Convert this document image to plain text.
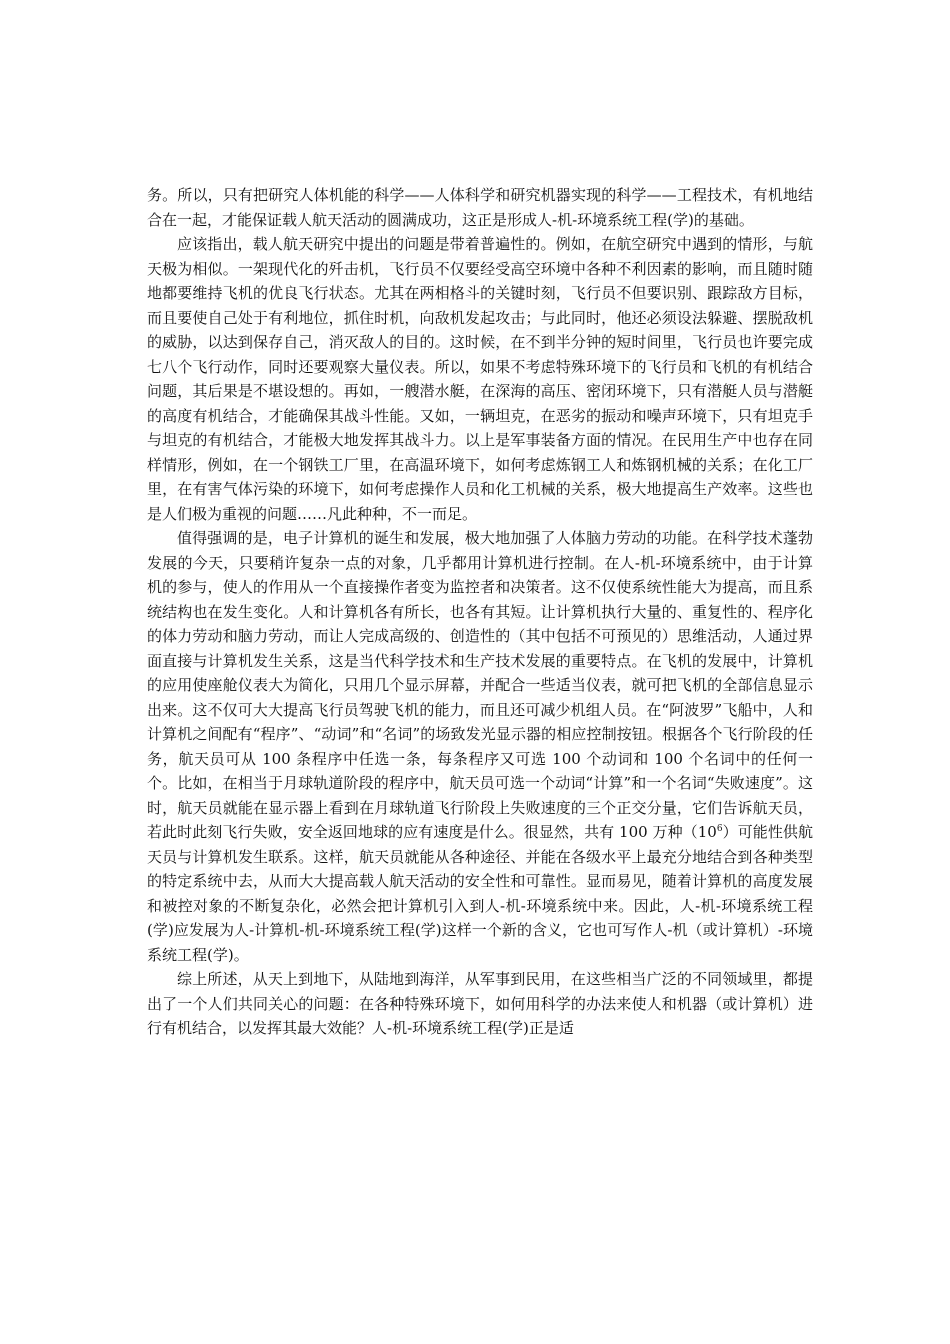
务。所以，只有把研究人体机能的科学——人体科学和研究机器实现的科学——工程技术，有机地结合在一起，才能保证载人航天活动的圆满成功，这正是形成人-机-环境系统工程(学)的基础。

应该指出，载人航天研究中提出的问题是带着普遍性的。例如，在航空研究中遇到的情形，与航天极为相似。一架现代化的歼击机，飞行员不仅要经受高空环境中各种不利因素的影响，而且随时随地都要维持飞机的优良飞行状态。尤其在两相格斗的关键时刻，飞行员不但要识别、跟踪敌方目标，而且要使自己处于有利地位，抓住时机，向敌机发起攻击；与此同时，他还必须设法躲避、摆脱敌机的威胁，以达到保存自己，消灭敌人的目的。这时候，在不到半分钟的短时间里，飞行员也许要完成七八个飞行动作，同时还要观察大量仪表。所以，如果不考虑特殊环境下的飞行员和飞机的有机结合问题，其后果是不堪设想的。再如，一艘潜水艇，在深海的高压、密闭环境下，只有潜艇人员与潜艇的高度有机结合，才能确保其战斗性能。又如，一辆坦克，在恶劣的振动和噪声环境下，只有坦克手与坦克的有机结合，才能极大地发挥其战斗力。以上是军事装备方面的情况。在民用生产中也存在同样情形，例如，在一个钢铁工厂里，在高温环境下，如何考虑炼钢工人和炼钢机械的关系；在化工厂里，在有害气体污染的环境下，如何考虑操作人员和化工机械的关系，极大地提高生产效率。这些也是人们极为重视的问题……凡此种种，不一而足。

值得强调的是，电子计算机的诞生和发展，极大地加强了人体脑力劳动的功能。在科学技术蓬勃发展的今天，只要稍许复杂一点的对象，几乎都用计算机进行控制。在人-机-环境系统中，由于计算机的参与，使人的作用从一个直接操作者变为监控者和决策者。这不仅使系统性能大为提高，而且系统结构也在发生变化。人和计算机各有所长，也各有其短。让计算机执行大量的、重复性的、程序化的体力劳动和脑力劳动，而让人完成高级的、创造性的（其中包括不可预见的）思维活动，人通过界面直接与计算机发生关系，这是当代科学技术和生产技术发展的重要特点。在飞机的发展中，计算机的应用使座舱仪表大为简化，只用几个显示屏幕，并配合一些适当仪表，就可把飞机的全部信息显示出来。这不仅可大大提高飞行员驾驶飞机的能力，而且还可减少机组人员。在“阿波罗”飞船中，人和计算机之间配有“程序”、“动词”和“名词”的场致发光显示器的相应控制按钮。根据各个飞行阶段的任务，航天员可从 100 条程序中任选一条，每条程序又可选 100 个动词和 100 个名词中的任何一个。比如，在相当于月球轨道阶段的程序中，航天员可选一个动词“计算”和一个名词“失败速度”。这时，航天员就能在显示器上看到在月球轨道飞行阶段上失败速度的三个正交分量，它们告诉航天员，若此时此刻飞行失败，安全返回地球的应有速度是什么。很显然，共有 100 万种$(10^6)$可能性供航天员与计算机发生联系。这样，航天员就能从各种途径、并能在各级水平上最充分地结合到各种类型的特定系统中去，从而大大提高载人航天活动的安全性和可靠性。显而易见，随着计算机的高度发展和被控对象的不断复杂化，必然会把计算机引入到人-机-环境系统中来。因此，人-机-环境系统工程(学)应发展为人-计算机-机-环境系统工程(学)这样一个新的含义，它也可写作人-机（或计算机）-环境系统工程(学)。

综上所述，从天上到地下，从陆地到海洋，从军事到民用，在这些相当广泛的不同领域里，都提出了一个人们共同关心的问题：在各种特殊环境下，如何用科学的办法来使人和机器（或计算机）进行有机结合，以发挥其最大效能？人-机-环境系统工程(学)正是适
